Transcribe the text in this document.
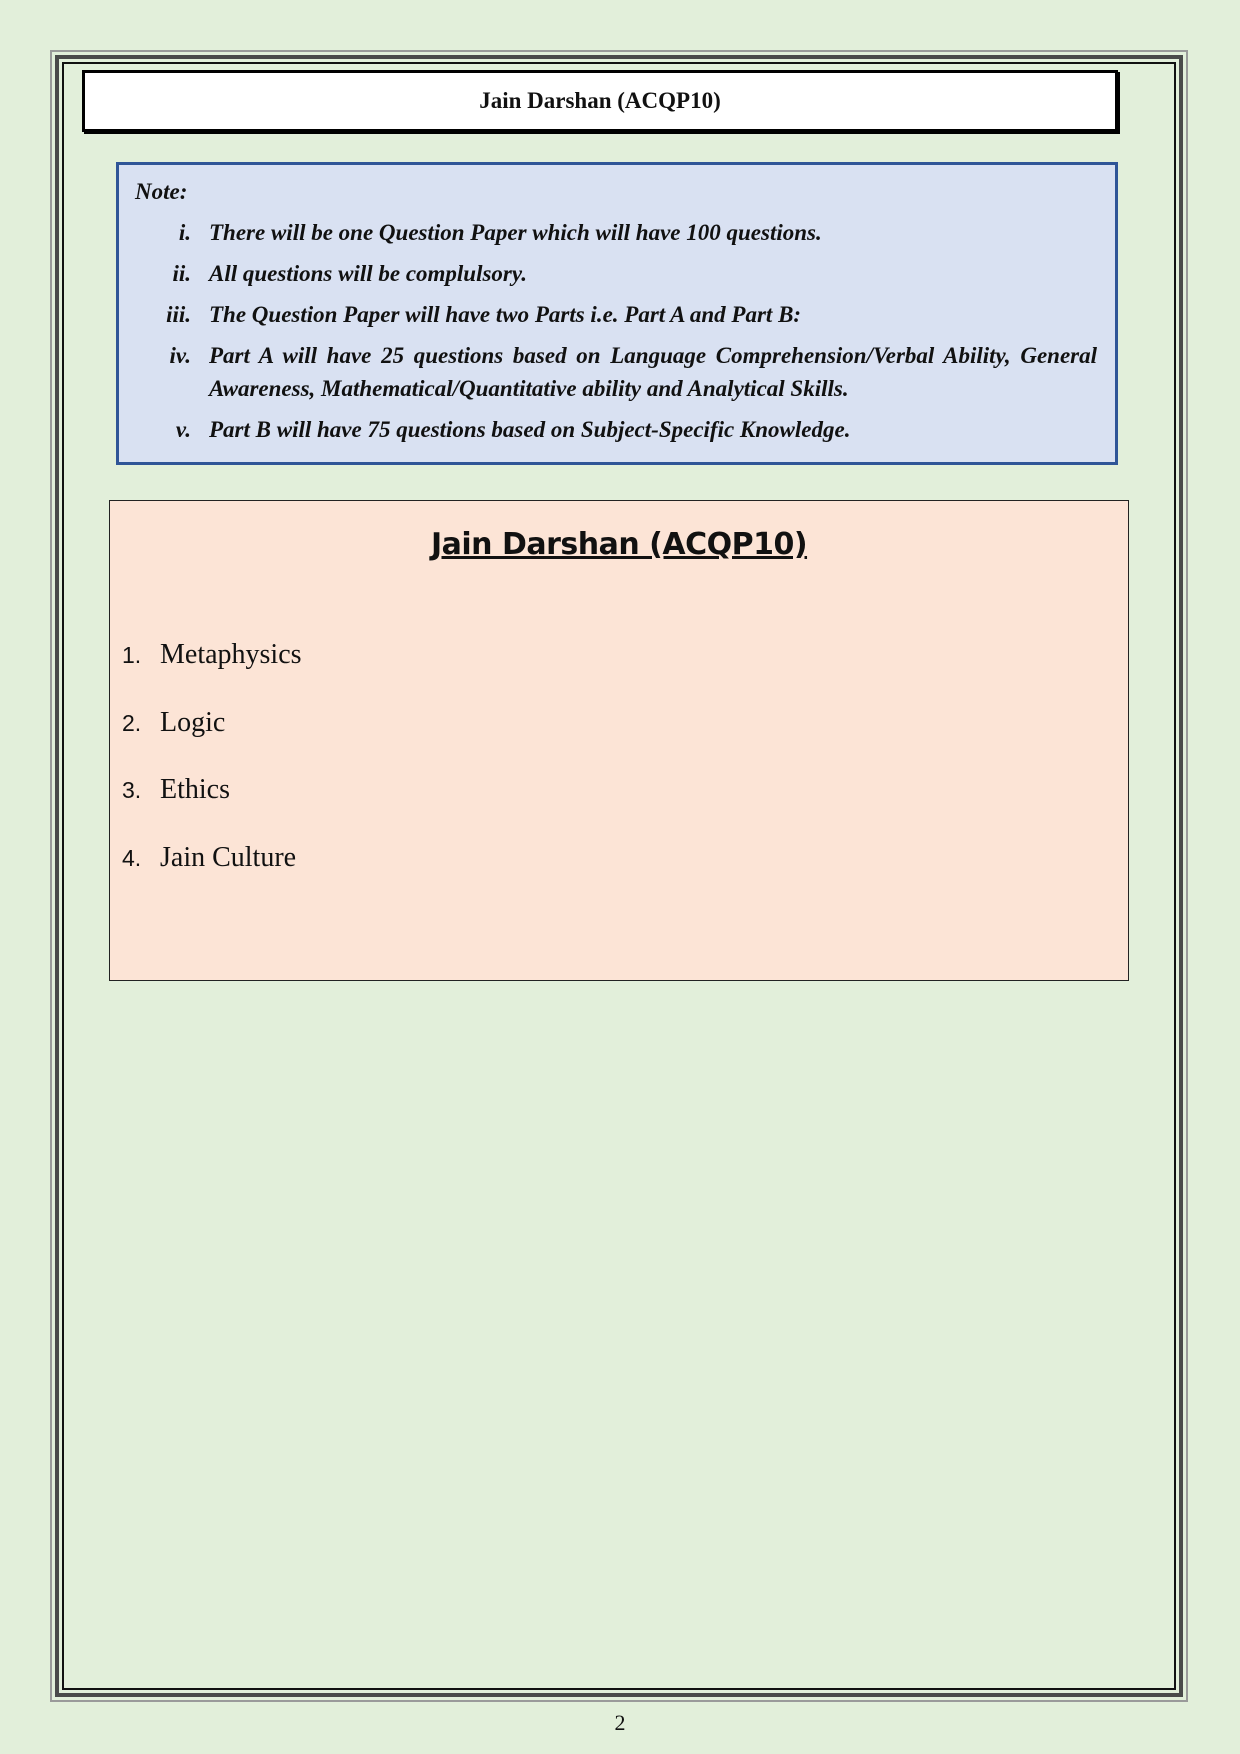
Jain Darshan (ACQP10)
Note:
i. There will be one Question Paper which will have 100 questions.
ii. All questions will be complulsory.
iii. The Question Paper will have two Parts i.e. Part A and Part B:
iv. Part A will have 25 questions based on Language Comprehension/Verbal Ability, General Awareness, Mathematical/Quantitative ability and Analytical Skills.
v. Part B will have 75 questions based on Subject-Specific Knowledge.
Jain Darshan (ACQP10)
1. Metaphysics
2. Logic
3. Ethics
4. Jain Culture
2
